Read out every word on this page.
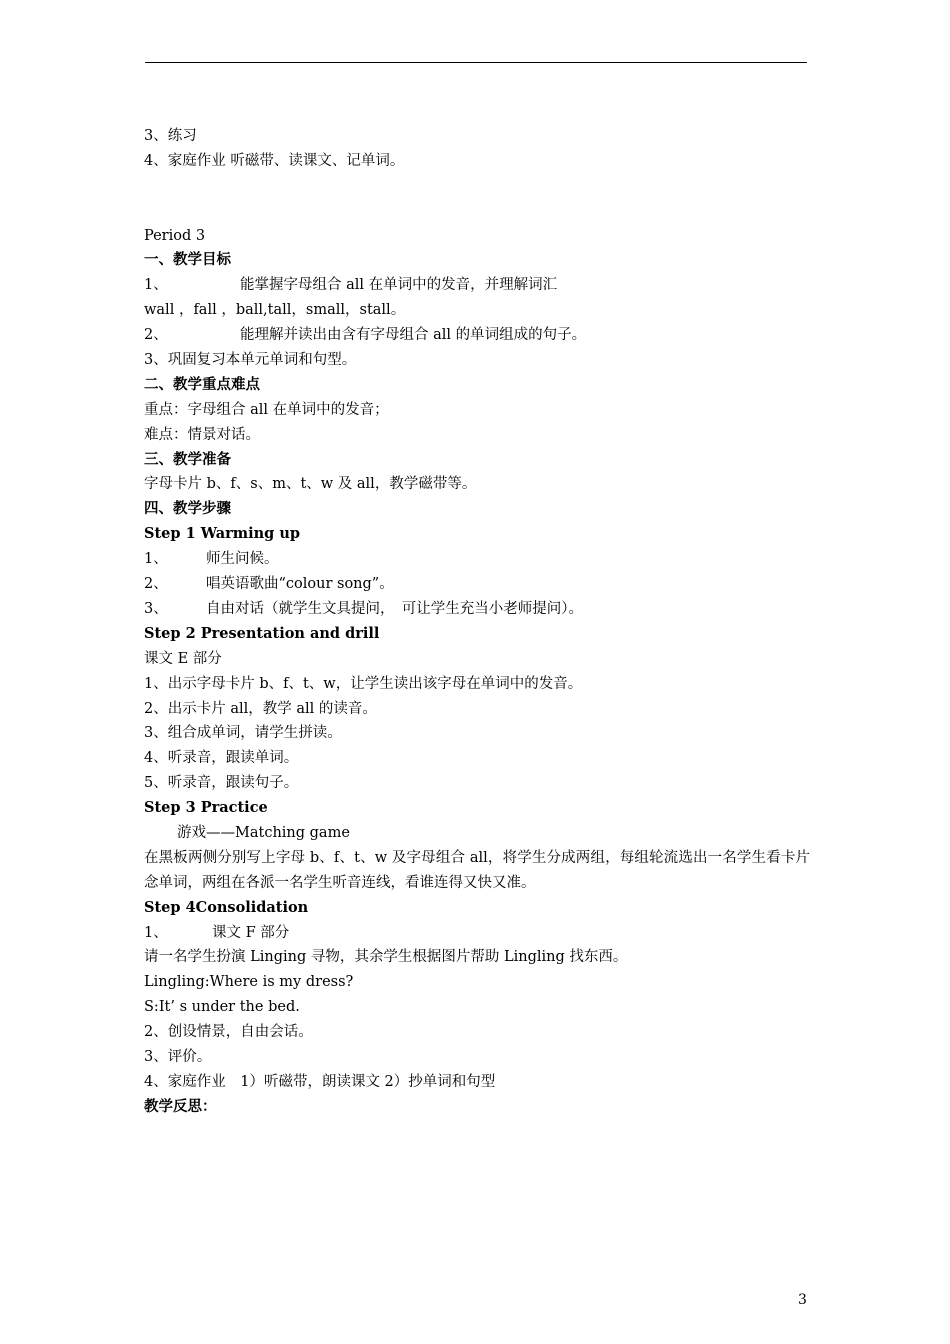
3、练习
4、家庭作业 听磁带、读课文、记单词。
Period 3
一、教学目标
1、	能掌握字母组合 all 在单词中的发音，并理解词汇
wall ，fall ，ball,tall，small，stall。
2、	能理解并读出由含有字母组合 all 的单词组成的句子。
3、巩固复习本单元单词和句型。
二、教学重点难点
重点：字母组合 all 在单词中的发音；
难点：情景对话。
三、教学准备
字母卡片 b、f、s、m、t、w 及 all，教学磁带等。
四、教学步骤
Step 1 Warming up
1、	师生问候。
2、	唱英语歌曲“colour song”。
3、	自由对话（就学生文具提问，　可让学生充当小老师提问）。
Step 2 Presentation and drill
课文 E 部分
1、出示字母卡片 b、f、t、w，让学生读出该字母在单词中的发音。
2、出示卡片 all，教学 all 的读音。
3、组合成单词，请学生拼读。
4、听录音，跟读单词。
5、听录音，跟读句子。
Step 3 Practice
游戏——Matching game
在黑板两侧分别写上字母 b、f、t、w 及字母组合 all，将学生分成两组，每组轮流选出一名学生看卡片念单词，两组在各派一名学生听音连线，看谁连得又快又准。
Step 4Consolidation
1、	课文 F 部分
请一名学生扮演 Linging 寻物，其余学生根据图片帮助 Lingling 找东西。
Lingling:Where is my dress?
S:It’ s under the bed.
2、创设情景，自由会话。
3、评价。
4、家庭作业　1）听磁带，朗读课文 2）抄单词和句型
教学反思：
3
